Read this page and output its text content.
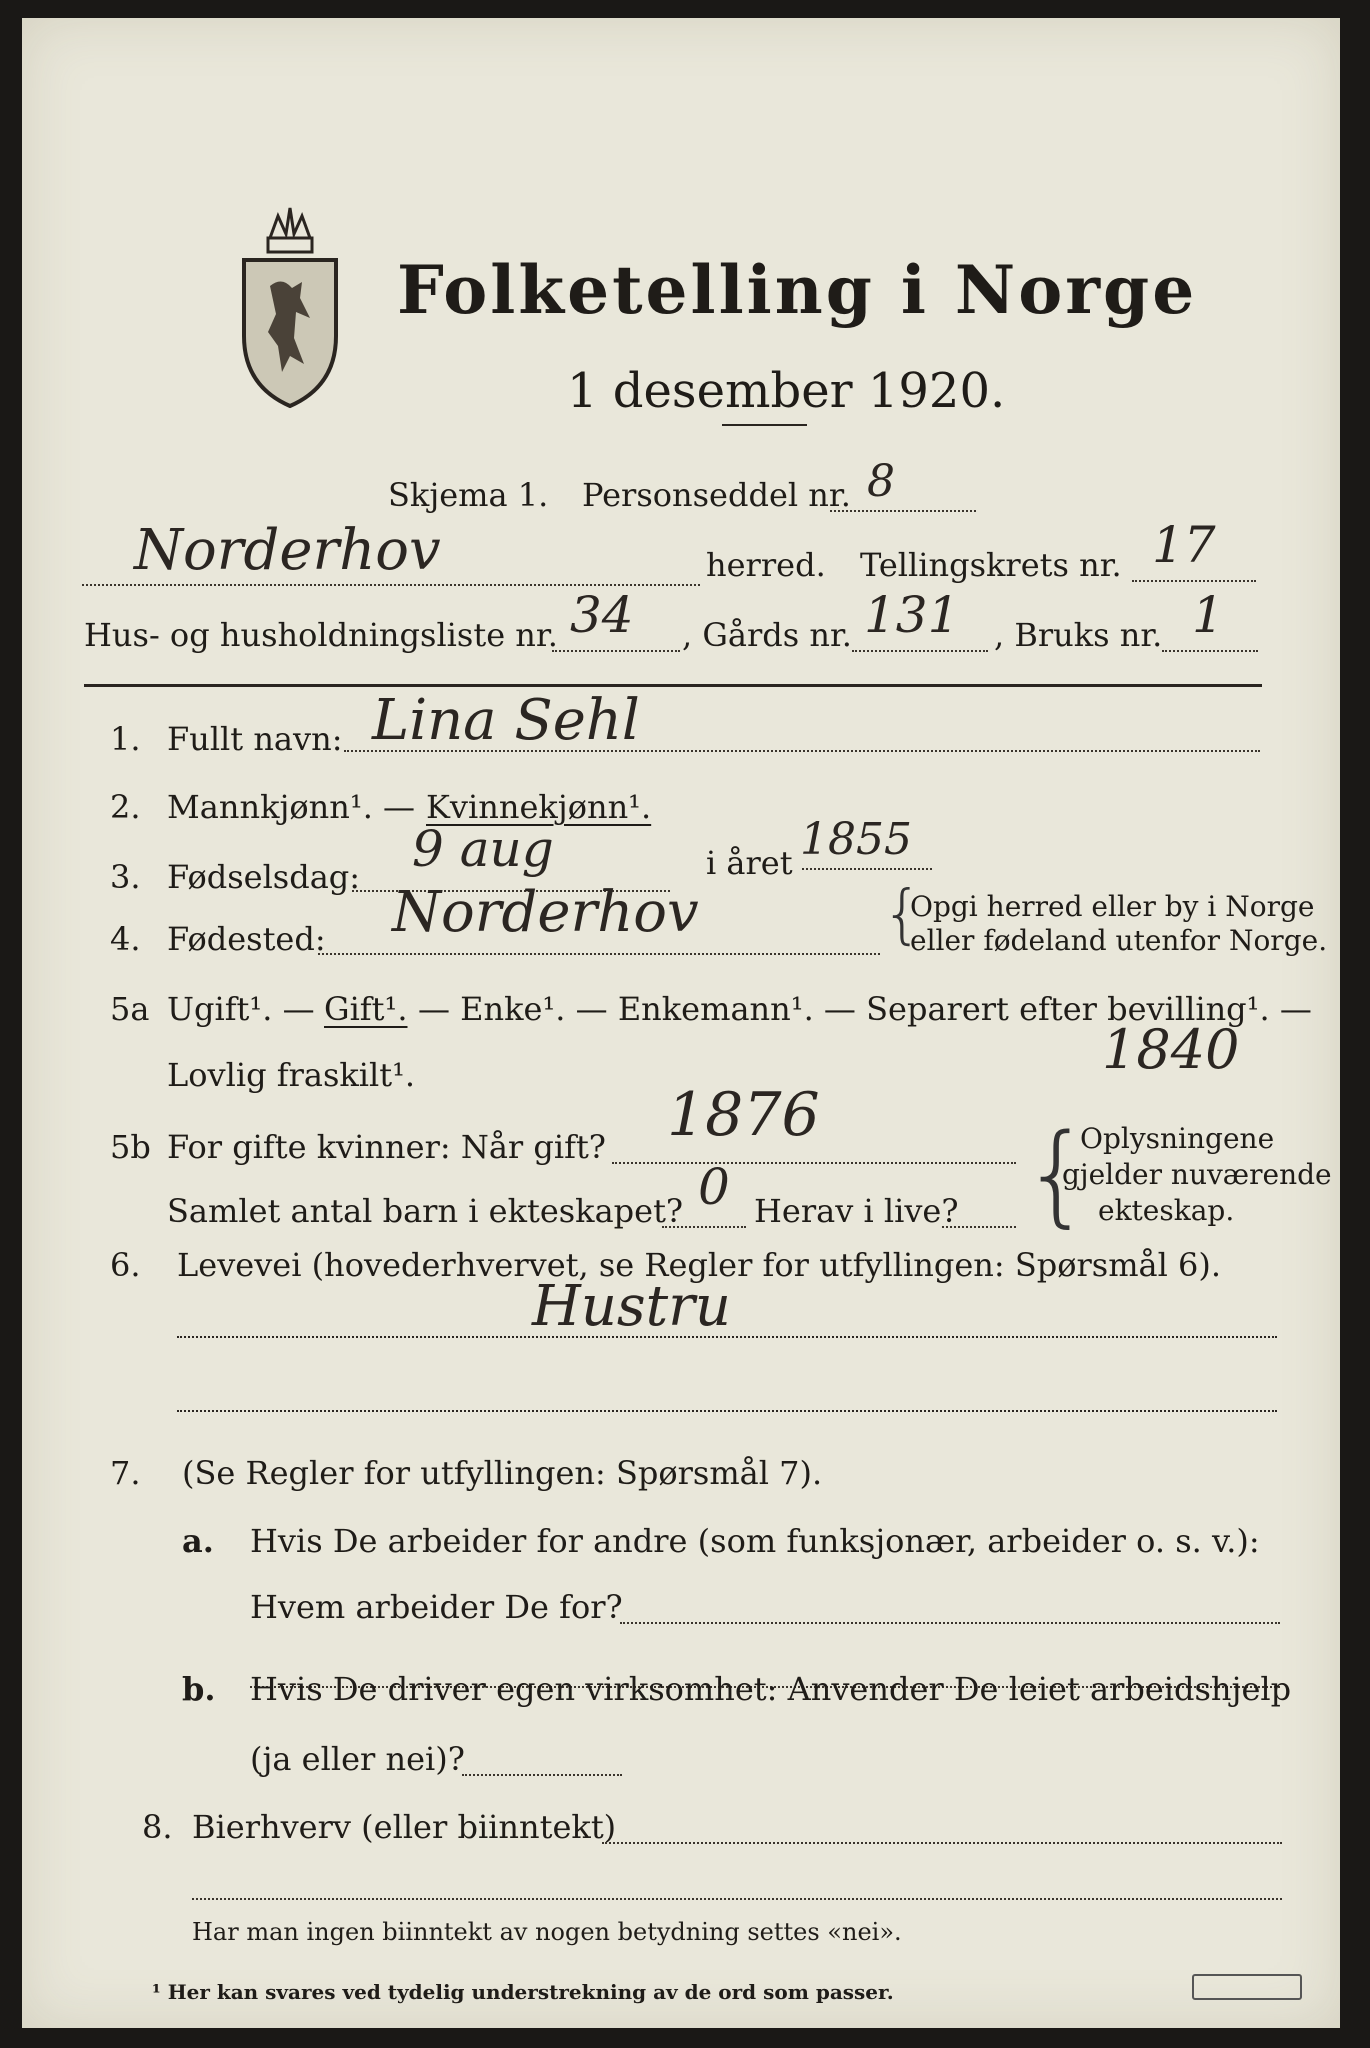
Folketelling i Norge
1 desember 1920.
Skjema 1. Personseddel nr. 8
Norderhov	herred. Tellingskrets nr. 17
Hus- og husholdningsliste nr. 34 , Gårds nr. 131 , Bruks nr. 1
1. Fullt navn: Lina Sehl
2. Mannkjønn¹. — Kvinnekjønn¹.
3. Fødselsdag: 9 aug	i året 1855
4. Fødested: Norderhov	{
Opgi herred eller by i Norge
eller fødeland utenfor Norge.
5a Ugift¹. — Gift¹. — Enke¹. — Enkemann¹. — Separert efter bevilling¹. —
Lovlig fraskilt¹.	1840
5b For gifte kvinner: Når gift? 1876
Samlet antal barn i ekteskapet? 0 Herav i live? {
Oplysningene
gjelder nuværende
ekteskap.
6. Levevei (hovederhvervet, se Regler for utfyllingen: Spørsmål 6).
Hustru
7. (Se Regler for utfyllingen: Spørsmål 7).
a. Hvis De arbeider for andre (som funksjonær, arbeider o. s. v.):
Hvem arbeider De for?
b. Hvis De driver egen virksomhet: Anvender De leiet arbeidshjelp
(ja eller nei)?
8. Bierhverv (eller biinntekt)
Har man ingen biinntekt av nogen betydning settes «nei».
¹ Her kan svares ved tydelig understrekning av de ord som passer.
